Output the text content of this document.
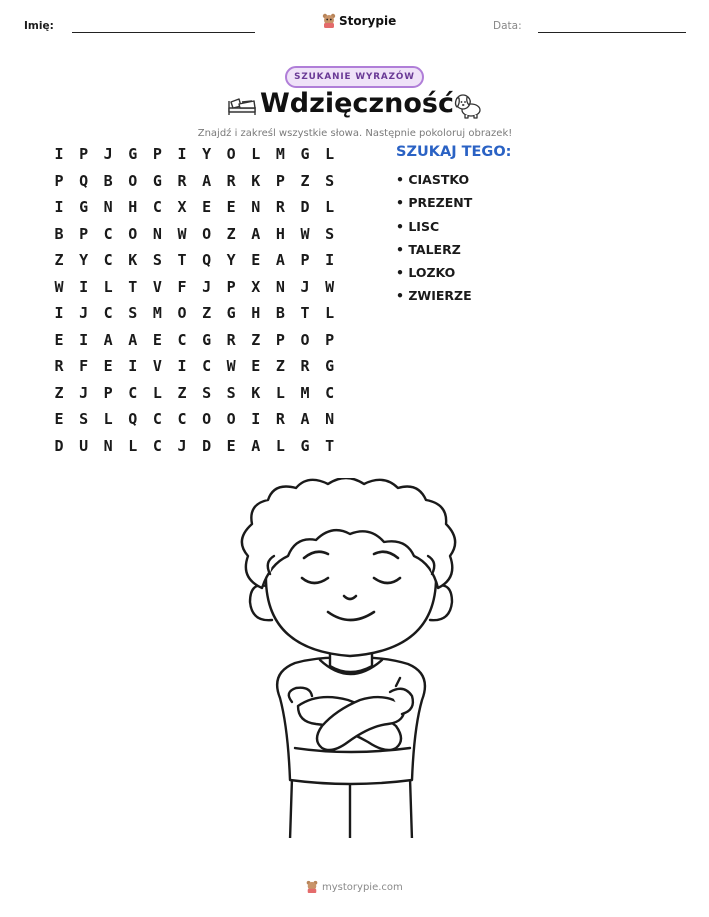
Imię:	Storypie	Data:
SZUKANIE WYRAZÓW
Wdzięczność
Znajdź i zakreśl wszystkie słowa. Następnie pokoloruj obrazek!
I	P	J	G	P	I	Y	O	L	M	G	L
P	Q	B	O	G	R	A	R	K	P	Z	S
I	G	N	H	C	X	E	E	N	R	D	L
B	P	C	O	N	W	O	Z	A	H	W	S
Z	Y	C	K	S	T	Q	Y	E	A	P	I
W	I	L	T	V	F	J	P	X	N	J	W
I	J	C	S	M	O	Z	G	H	B	T	L
E	I	A	A	E	C	G	R	Z	P	O	P
R	F	E	I	V	I	C	W	E	Z	R	G
Z	J	P	C	L	Z	S	S	K	L	M	C
E	S	L	Q	C	C	O	O	I	R	A	N
D	U	N	L	C	J	D	E	A	L	G	T
SZUKAJ TEGO:
• CIASTKO
• PREZENT
• LISC
• TALERZ
• LOZKO
• ZWIERZE
mystorypie.com
